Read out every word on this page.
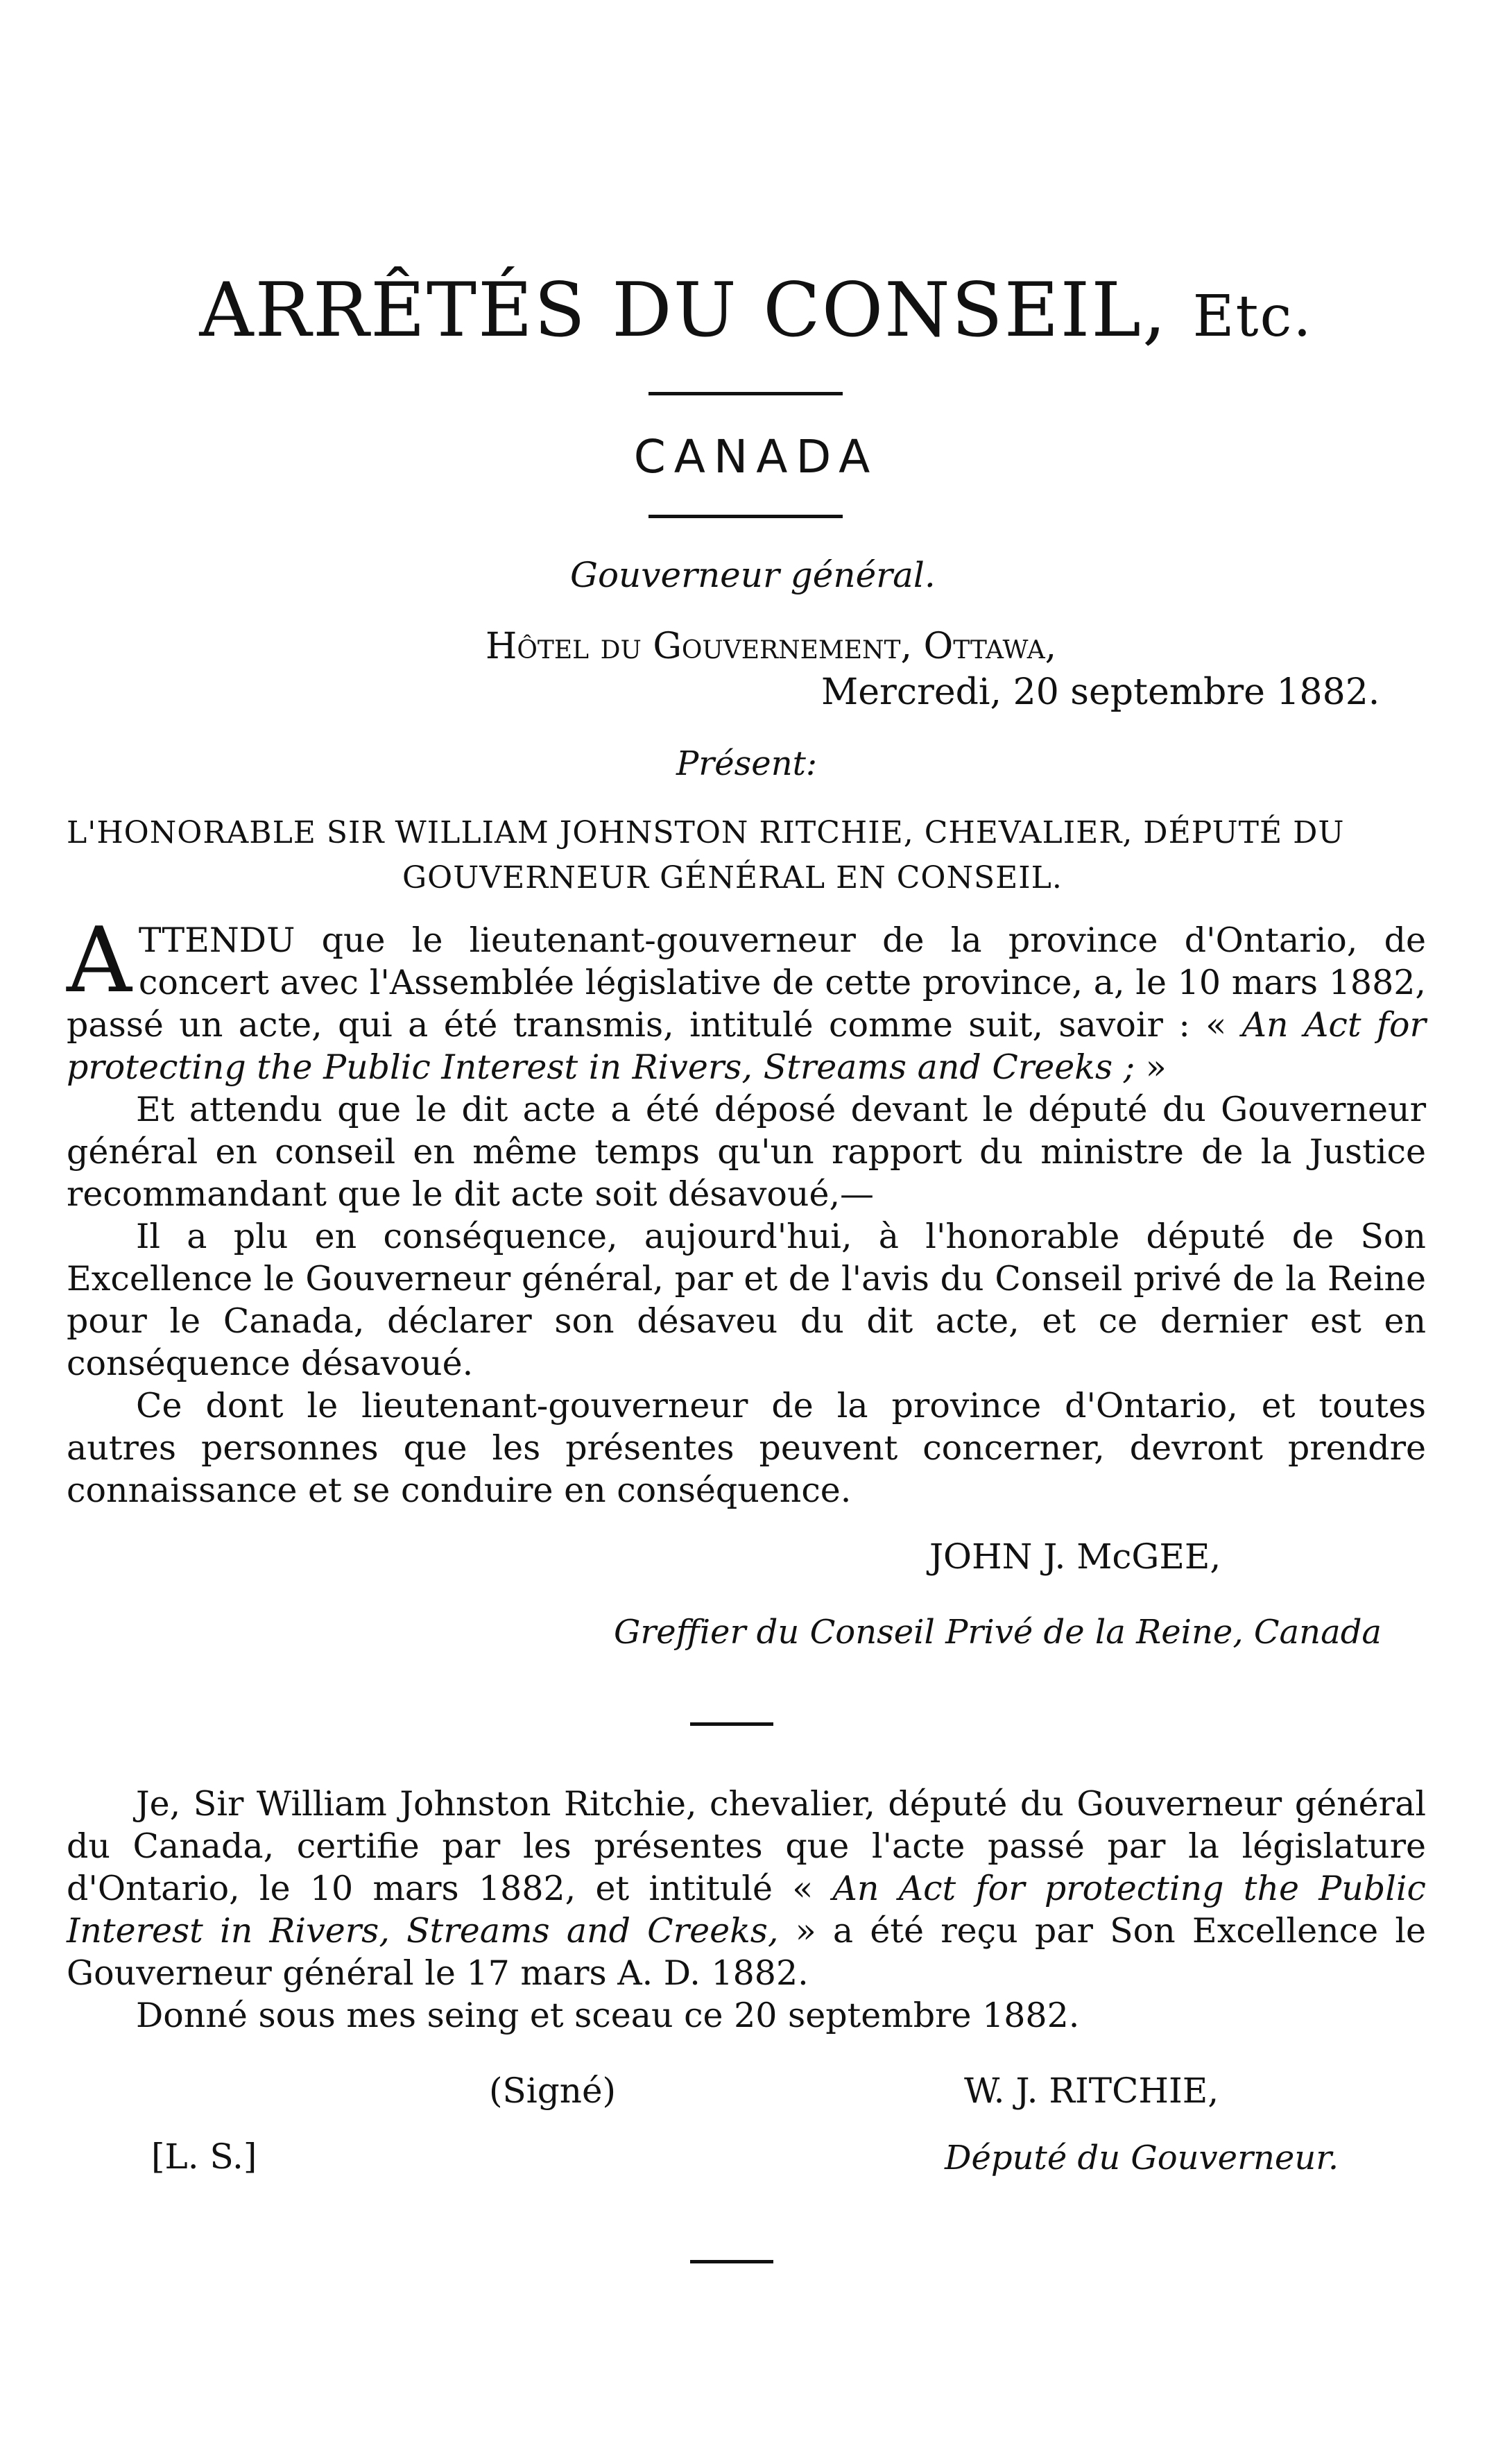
ARRÊTÉS DU CONSEIL, Etc.
CANADA
Gouverneur général.
Hôtel du Gouvernement, Ottawa,
Mercredi, 20 septembre 1882.
Présent:
L'HONORABLE SIR WILLIAM JOHNSTON RITCHIE, CHEVALIER, DÉPUTÉ DU
GOUVERNEUR GÉNÉRAL EN CONSEIL.

A TTENDU que le lieutenant-gouverneur de la province d'Ontario, de concert avec l'Assemblée législative de cette province, a, le 10 mars 1882, passé un acte, qui a été transmis, intitulé comme suit, savoir : « An Act for protecting the Public Interest in Rivers, Streams and Creeks ; »

Et attendu que le dit acte a été déposé devant le député du Gouverneur général en conseil en même temps qu'un rapport du ministre de la Justice recommandant que le dit acte soit désavoué,—

Il a plu en conséquence, aujourd'hui, à l'honorable député de Son Excellence le Gouverneur général, par et de l'avis du Conseil privé de la Reine pour le Canada, déclarer son désaveu du dit acte, et ce dernier est en conséquence désavoué.

Ce dont le lieutenant-gouverneur de la province d'Ontario, et toutes autres personnes que les présentes peuvent concerner, devront prendre connaissance et se conduire en conséquence.

JOHN J. McGEE,
Greffier du Conseil Privé de la Reine, Canada

Je, Sir William Johnston Ritchie, chevalier, député du Gouverneur général du Canada, certifie par les présentes que l'acte passé par la législature d'Ontario, le 10 mars 1882, et intitulé « An Act for protecting the Public Interest in Rivers, Streams and Creeks, » a été reçu par Son Excellence le Gouverneur général le 17 mars A. D. 1882.

Donné sous mes seing et sceau ce 20 septembre 1882.

(Signé)	W. J. RITCHIE,
[L. S.]	Député du Gouverneur.
